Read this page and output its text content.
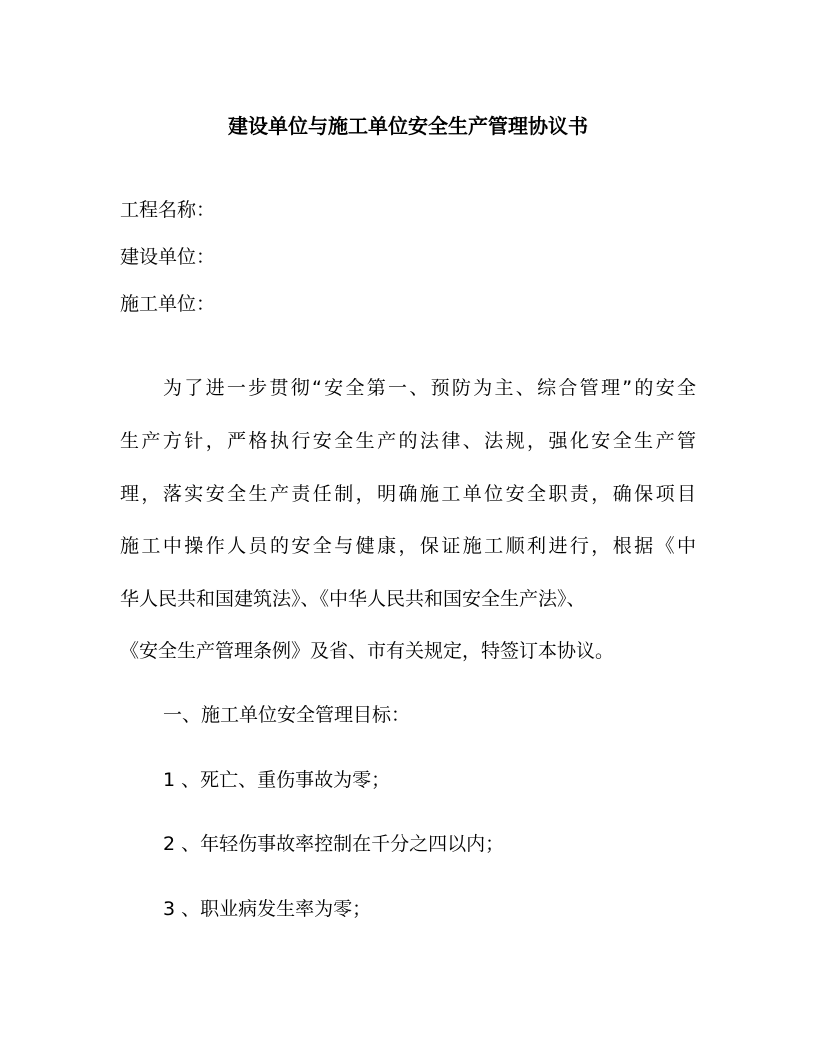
建设单位与施工单位安全生产管理协议书
工程名称：
建设单位：
施工单位：
为了进一步贯彻“安全第一、预防为主、综合管理”的安全
生产方针，严格执行安全生产的法律、法规，强化安全生产管
理，落实安全生产责任制，明确施工单位安全职责，确保项目
施工中操作人员的安全与健康，保证施工顺利进行，根据《中
华人民共和国建筑法》、《中华人民共和国安全生产法》、
《安全生产管理条例》及省、市有关规定，特签订本协议。
一、施工单位安全管理目标：
1 、死亡、重伤事故为零；
2 、年轻伤事故率控制在千分之四以内；
3 、职业病发生率为零；
